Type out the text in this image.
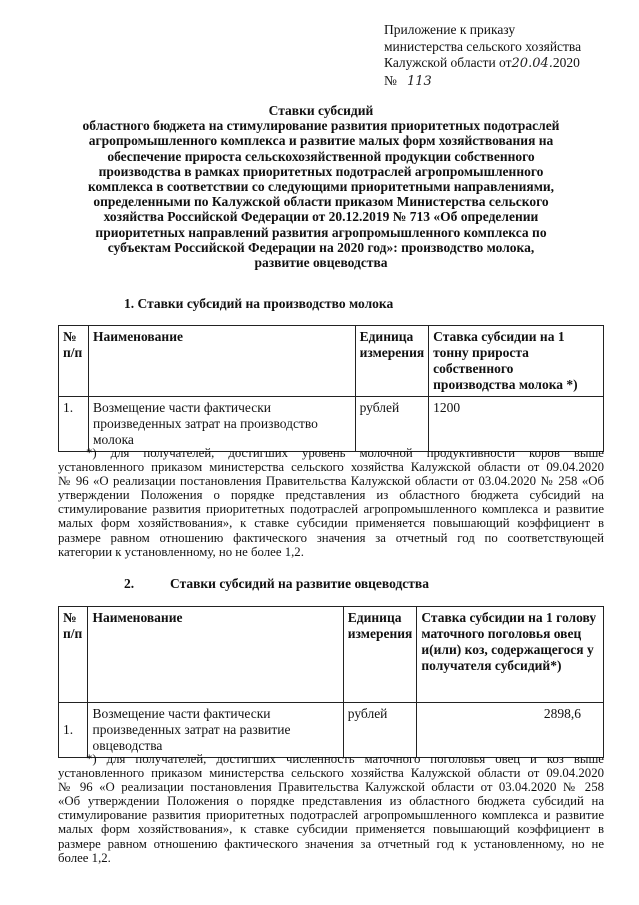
Приложение к приказу
министерства сельского хозяйства
Калужской области от20.04.2020
№ 113
Ставки субсидий
областного бюджета на стимулирование развития приоритетных подотраслей
агропромышленного комплекса и развитие малых форм хозяйствования на
обеспечение прироста сельскохозяйственной продукции собственного
производства в рамках приоритетных подотраслей агропромышленного
комплекса в соответствии со следующими приоритетными направлениями,
определенными по Калужской области приказом Министерства сельского
хозяйства Российской Федерации от 20.12.2019 № 713 «Об определении
приоритетных направлений развития агропромышленного комплекса по
субъектам Российской Федерации на 2020 год»: производство молока,
развитие овцеводства
1. Ставки субсидий на производство молока
№ п/п	Наименование	Единица измерения	Ставка субсидии на 1 тонну прироста собственного производства молока *)
1.	Возмещение части фактически произведенных затрат на производство молока	рублей	1200
*) для получателей, достигших уровень молочной продуктивности коров выше
установленного приказом министерства сельского хозяйства Калужской области от 09.04.2020
№ 96 «О реализации постановления Правительства Калужской области от 03.04.2020 № 258 «Об
утверждении Положения о порядке представления из областного бюджета субсидий на
стимулирование развития приоритетных подотраслей агропромышленного комплекса и развитие
малых форм хозяйствования», к ставке субсидии применяется повышающий коэффициент в
размере равном отношению фактического значения за отчетный год по соответствующей
категории к установленному, но не более 1,2.
2.	Ставки субсидий на развитие овцеводства
№ п/п	Наименование	Единица измерения	Ставка субсидии на 1 голову маточного поголовья овец и(или) коз, содержащегося у получателя субсидий*)
1.	Возмещение части фактически произведенных затрат на развитие овцеводства	рублей	2898,6
*) для получателей, достигших численность маточного поголовья овец и коз выше
установленного приказом министерства сельского хозяйства Калужской области от 09.04.2020
№ 96 «О реализации постановления Правительства Калужской области от 03.04.2020 № 258
«Об утверждении Положения о порядке представления из областного бюджета субсидий на
стимулирование развития приоритетных подотраслей агропромышленного комплекса и развитие
малых форм хозяйствования», к ставке субсидии применяется повышающий коэффициент в
размере равном отношению фактического значения за отчетный год к установленному, но не
более 1,2.
